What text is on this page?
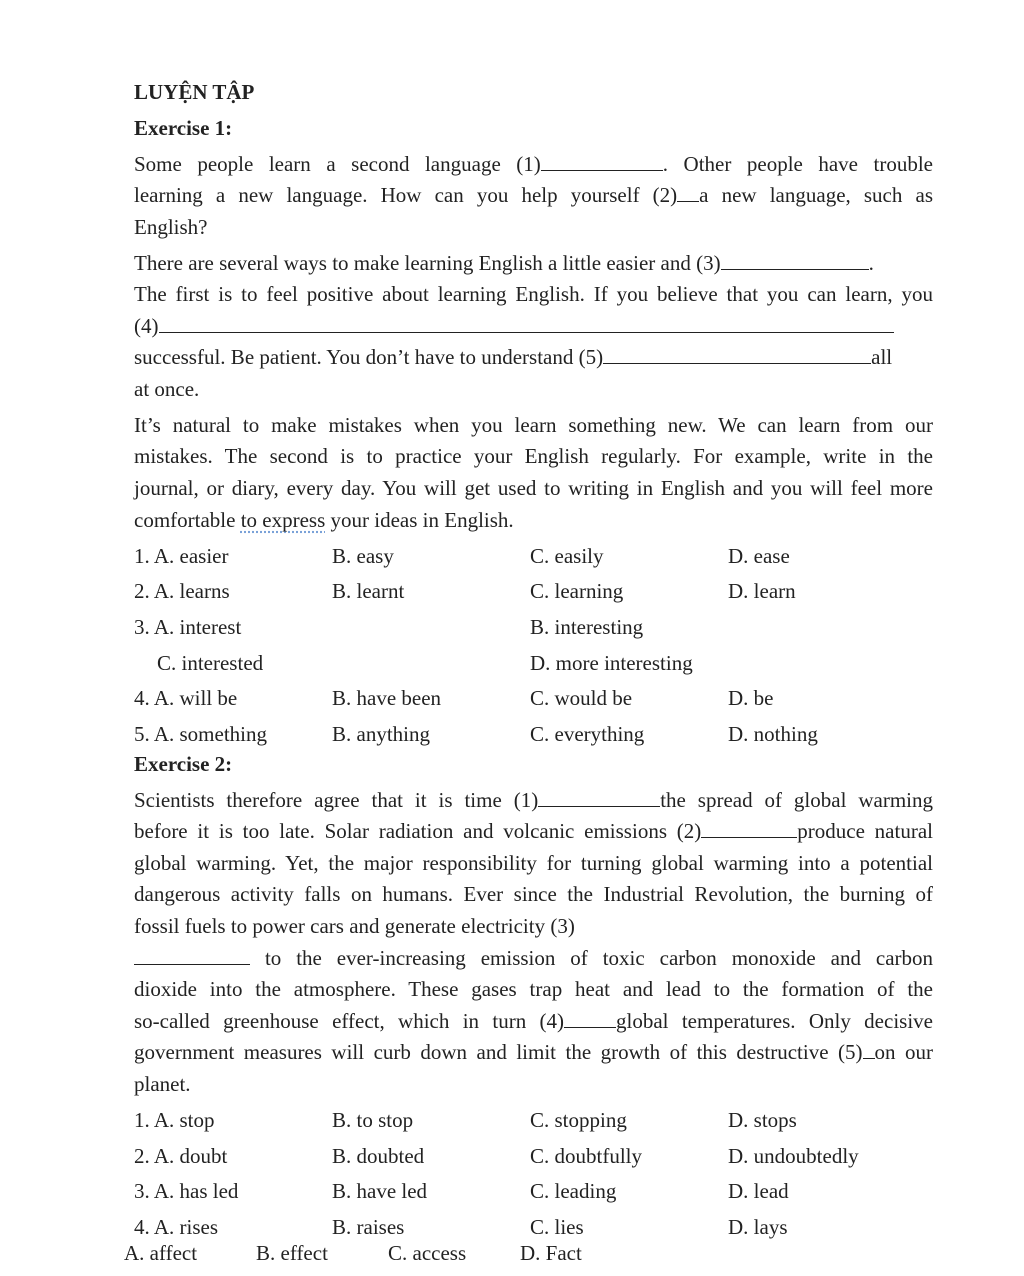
LUYỆN TẬP
Exercise 1:
Some people learn a second language (1)	. Other people have trouble
learning a new language. How can you help yourself (2) a new language, such as
English?
There are several ways to make learning English a little easier and (3)	.
The first is to feel positive about learning English. If you believe that you can learn, you
(4)
successful. Be patient. You don’t have to understand (5)	all
at once.
It’s natural to make mistakes when you learn something new. We can learn from our
mistakes. The second is to practice your English regularly. For example, write in the
journal, or diary, every day. You will get used to writing in English and you will feel more
comfortable to express your ideas in English.
1. A. easier	B. easy	C. easily	D. ease
2. A. learns	B. learnt	C. learning	D. learn
3. A. interest	B. interesting
C. interested	D. more interesting
4. A. will be	B. have been	C. would be	D. be
5. A. something	B. anything	C. everything	D. nothing
Exercise 2:
Scientists therefore agree that it is time (1)	the spread of global warming
before it is too late. Solar radiation and volcanic emissions (2)	produce natural
global warming. Yet, the major responsibility for turning global warming into a potential
dangerous activity falls on humans. Ever since the Industrial Revolution, the burning of
fossil fuels to power cars and generate electricity (3)
to the ever-increasing emission of toxic carbon monoxide and carbon
dioxide into the atmosphere. These gases trap heat and lead to the formation of the
so-called greenhouse effect, which in turn (4) global temperatures. Only decisive
government measures will curb down and limit the growth of this destructive (5) on our
planet.
1. A. stop	B. to stop	C. stopping	D. stops
2. A. doubt	B. doubted	C. doubtfully	D. undoubtedly
3. A. has led	B. have led	C. leading	D. lead
4. A. rises	B. raises	C. lies	D. lays
A. affect	B. effect	C. access	D. Fact
